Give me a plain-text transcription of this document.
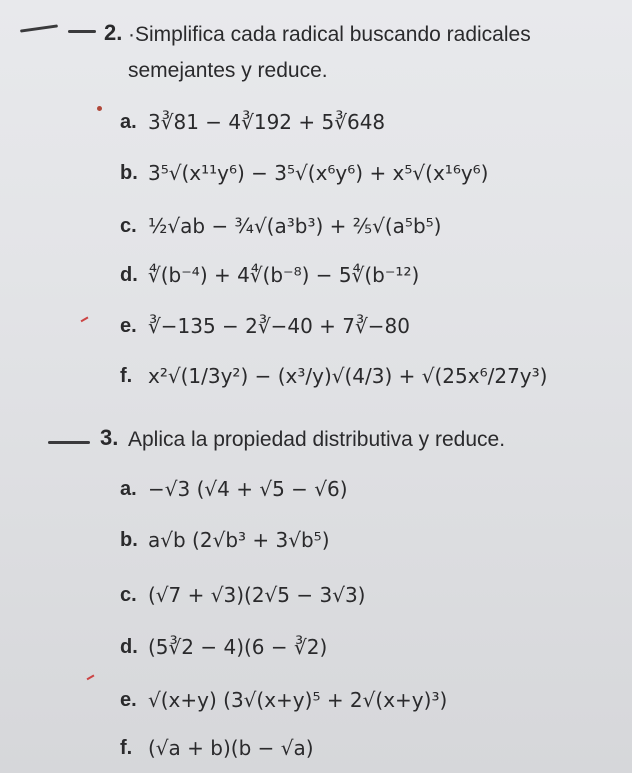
2. ·Simplifica cada radical buscando radicales
semejantes y reduce.
a. 3∛81 − 4∛192 + 5∛648
b. 3⁵√(x¹¹y⁶) − 3⁵√(x⁶y⁶) + x⁵√(x¹⁶y⁶)
c. ½√ab − ¾√(a³b³) + ⅖√(a⁵b⁵)
d. ∜(b⁻⁴) + 4∜(b⁻⁸) − 5∜(b⁻¹²)
e. ∛−135 − 2∛−40 + 7∛−80
f. x²√(1/3y²) − (x³/y)√(4/3) + √(25x⁶/27y³)
3. Aplica la propiedad distributiva y reduce.
a. −√3 (√4 + √5 − √6)
b. a√b (2√b³ + 3√b⁵)
c. (√7 + √3)(2√5 − 3√3)
d. (5∛2 − 4)(6 − ∛2)
e. √(x+y) (3√(x+y)⁵ + 2√(x+y)³)
f. (√a + b)(b − √a)
